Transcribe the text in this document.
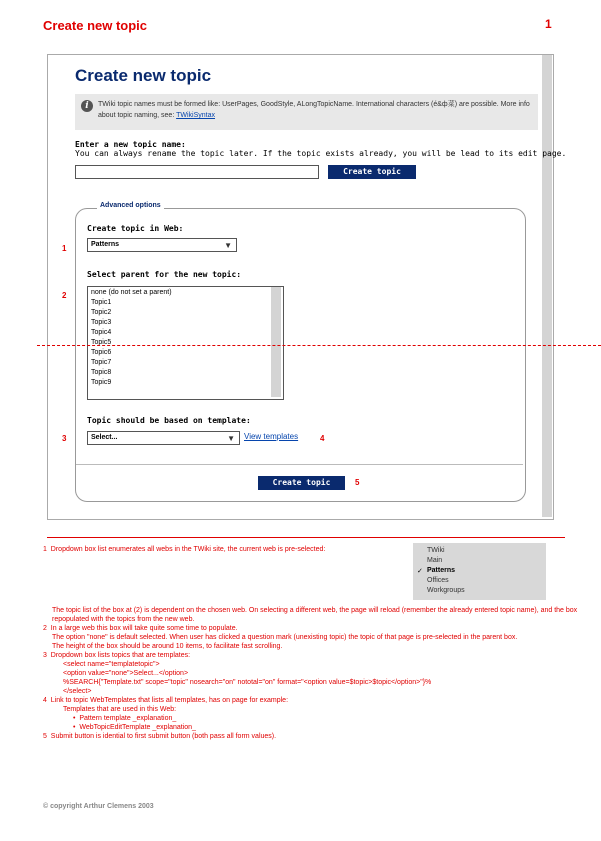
Create new topic	1
Create new topic
i	TWiki topic names must be formed like: UserPages, GoodStyle, ALongTopicName. International characters (é&ф菜) are possible. More info about topic naming, see: TWikiSyntax
Enter a new topic name:
You can always rename the topic later. If the topic exists already, you will be lead to its edit page.
Create topic
Advanced options
Create topic in Web:
Patterns	▼
Select parent for the new topic:
none (do not set a parent)
Topic1
Topic2
Topic3
Topic4
Topic5
Topic6
Topic7
Topic8
Topic9
Topic should be based on template:
Select...	▼ View templates
Create topic
1
2
3	4
5
TWiki
Main
✓ Patterns
Offices
Workgroups
1 Dropdown box list enumerates all webs in the TWiki site, the current web is pre-selected:
The topic list of the box at (2) is dependent on the chosen web. On selecting a different web, the page will reload (remember the already entered topic name), and the box repopulated with the topics from the new web.
2 In a large web this box will take quite some time to populate.
The option "none" is default selected. When user has clicked a question mark (unexisting topic) the topic of that page is pre-selected in the parent box.
The height of the box should be around 10 items, to facilitate fast scrolling.
3 Dropdown box lists topics that are templates:
<select name="templatetopic">
<option value="none">Select...</option>
%SEARCH{"Template.txt" scope="topic" nosearch="on" nototal="on" format="<option value=$topic>$topic</option>"}%
</select>
4 Link to topic WebTemplates that lists all templates, has on page for example:
Templates that are used in this Web:
•  Pattern template _explanation_
•  WebTopicEditTemplate _explanation_
5 Submit button is idential to first submit button (both pass all form values).
© copyright Arthur Clemens 2003
